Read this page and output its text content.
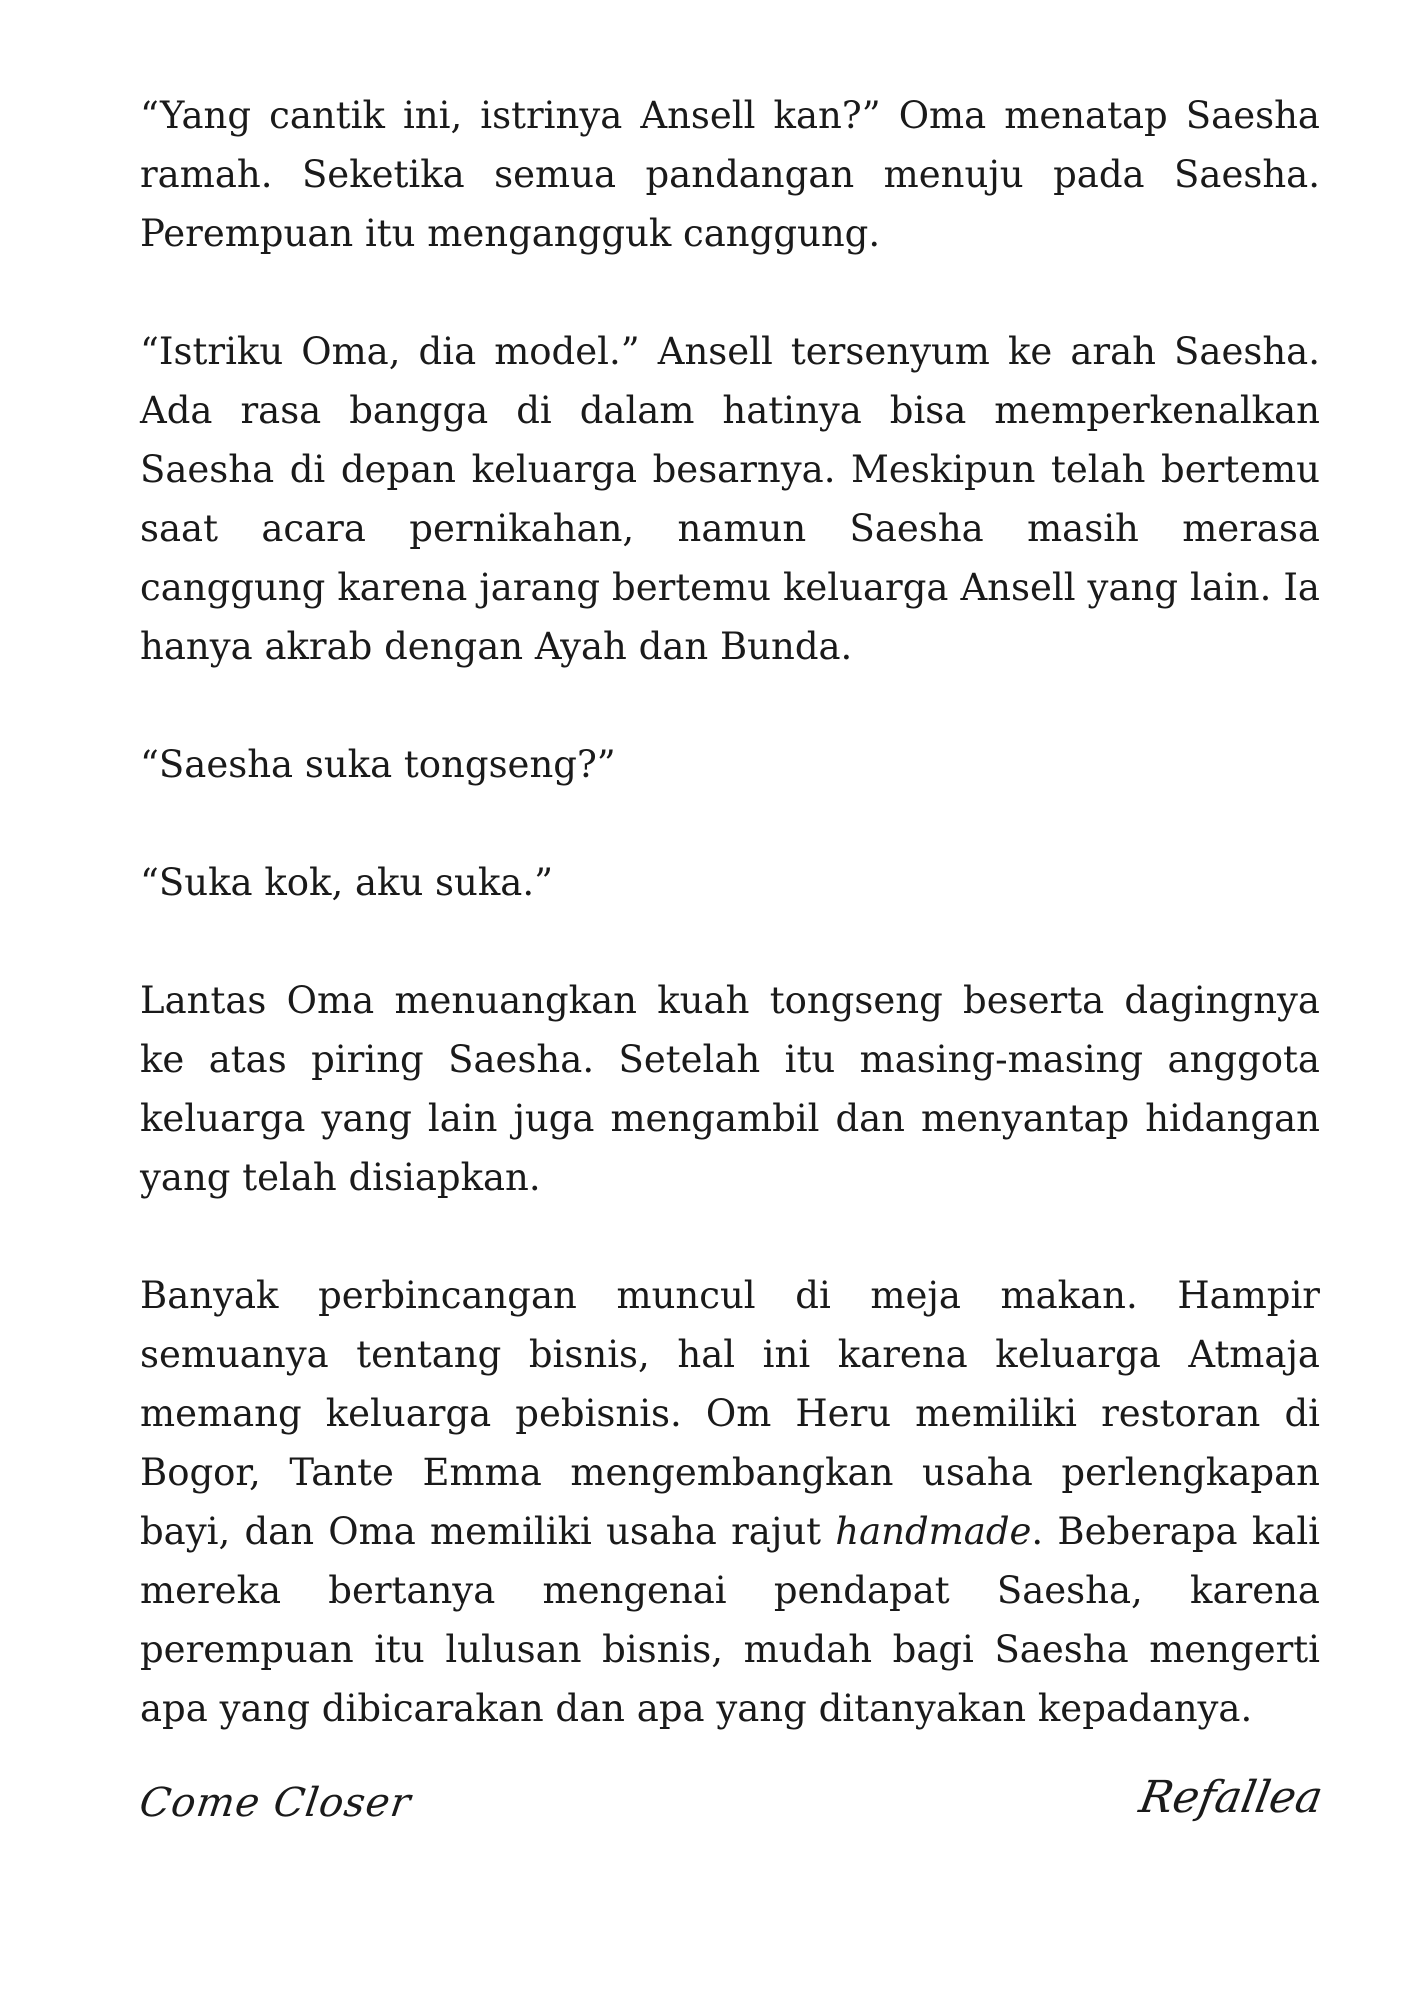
“Yang cantik ini, istrinya Ansell kan?” Oma menatap Saesha ramah. Seketika semua pandangan menuju pada Saesha. Perempuan itu mengangguk canggung.

“Istriku Oma, dia model.” Ansell tersenyum ke arah Saesha. Ada rasa bangga di dalam hatinya bisa memperkenalkan Saesha di depan keluarga besarnya. Meskipun telah bertemu saat acara pernikahan, namun Saesha masih merasa canggung karena jarang bertemu keluarga Ansell yang lain. Ia hanya akrab dengan Ayah dan Bunda.

“Saesha suka tongseng?”

“Suka kok, aku suka.”

Lantas Oma menuangkan kuah tongseng beserta dagingnya ke atas piring Saesha. Setelah itu masing-masing anggota keluarga yang lain juga mengambil dan menyantap hidangan yang telah disiapkan.

Banyak perbincangan muncul di meja makan. Hampir semuanya tentang bisnis, hal ini karena keluarga Atmaja memang keluarga pebisnis. Om Heru memiliki restoran di Bogor, Tante Emma mengembangkan usaha perlengkapan bayi, dan Oma memiliki usaha rajut handmade. Beberapa kali mereka bertanya mengenai pendapat Saesha, karena perempuan itu lulusan bisnis, mudah bagi Saesha mengerti apa yang dibicarakan dan apa yang ditanyakan kepadanya.

Come Closer	Refallea
